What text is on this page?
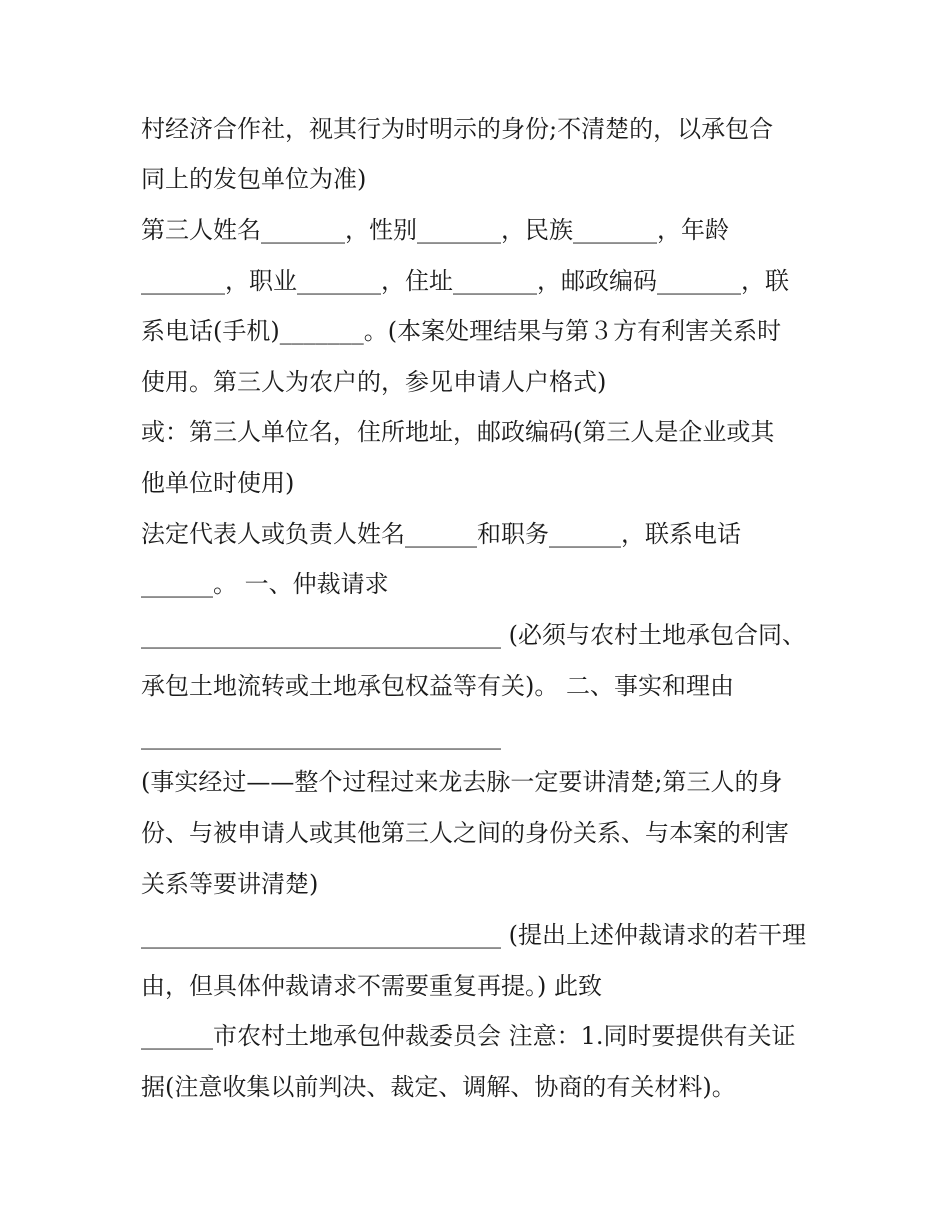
村经济合作社，视其行为时明示的身份;不清楚的，以承包合
同上的发包单位为准)
第三人姓名_______，性别_______，民族_______，年龄
_______，职业_______，住址_______，邮政编码_______，联
系电话(手机)_______。(本案处理结果与第３方有利害关系时
使用。第三人为农户的，参见申请人户格式)
或：第三人单位名，住所地址，邮政编码(第三人是企业或其
他单位时使用)
法定代表人或负责人姓名______和职务______，联系电话
______。 一、仲裁请求
______________________________ (必须与农村土地承包合同、
承包土地流转或土地承包权益等有关)。 二、事实和理由
______________________________
(事实经过——整个过程过来龙去脉一定要讲清楚;第三人的身
份、与被申请人或其他第三人之间的身份关系、与本案的利害
关系等要讲清楚)
______________________________ (提出上述仲裁请求的若干理
由，但具体仲裁请求不需要重复再提。) 此致
______市农村土地承包仲裁委员会 注意：1.同时要提供有关证
据(注意收集以前判决、裁定、调解、协商的有关材料)。
